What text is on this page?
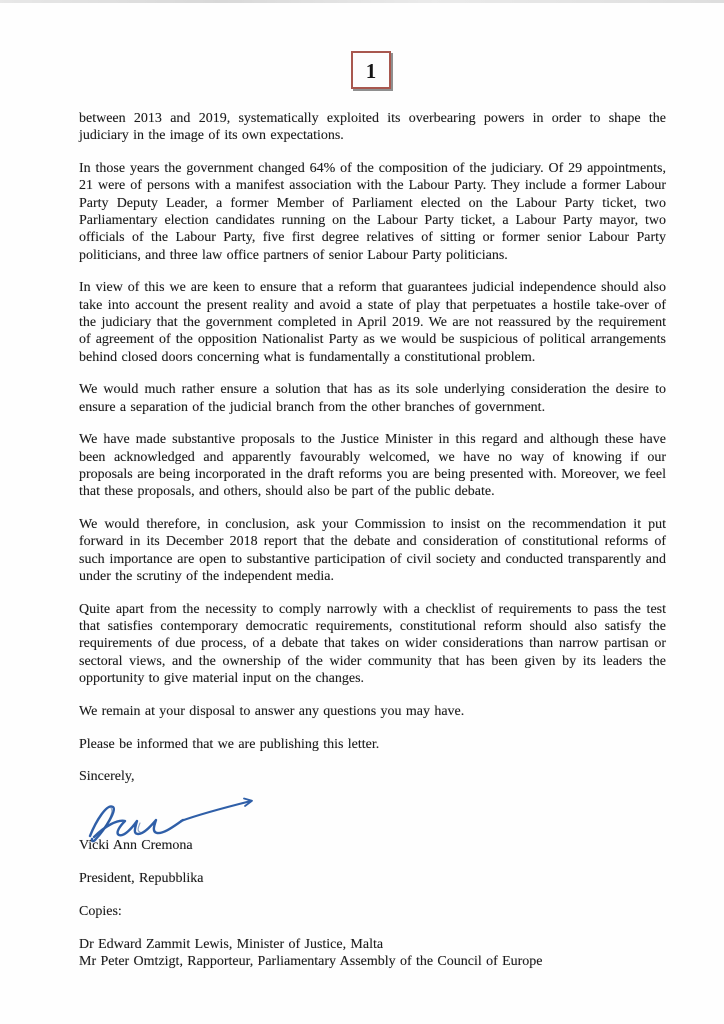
1

between 2013 and 2019, systematically exploited its overbearing powers in order to shape the judiciary in the image of its own expectations.

In those years the government changed 64% of the composition of the judiciary. Of 29 appointments, 21 were of persons with a manifest association with the Labour Party. They include a former Labour Party Deputy Leader, a former Member of Parliament elected on the Labour Party ticket, two Parliamentary election candidates running on the Labour Party ticket, a Labour Party mayor, two officials of the Labour Party, five first degree relatives of sitting or former senior Labour Party politicians, and three law office partners of senior Labour Party politicians.

In view of this we are keen to ensure that a reform that guarantees judicial independence should also take into account the present reality and avoid a state of play that perpetuates a hostile take-over of the judiciary that the government completed in April 2019. We are not reassured by the requirement of agreement of the opposition Nationalist Party as we would be suspicious of political arrangements behind closed doors concerning what is fundamentally a constitutional problem.

We would much rather ensure a solution that has as its sole underlying consideration the desire to ensure a separation of the judicial branch from the other branches of government.

We have made substantive proposals to the Justice Minister in this regard and although these have been acknowledged and apparently favourably welcomed, we have no way of knowing if our proposals are being incorporated in the draft reforms you are being presented with. Moreover, we feel that these proposals, and others, should also be part of the public debate.

We would therefore, in conclusion, ask your Commission to insist on the recommendation it put forward in its December 2018 report that the debate and consideration of constitutional reforms of such importance are open to substantive participation of civil society and conducted transparently and under the scrutiny of the independent media.

Quite apart from the necessity to comply narrowly with a checklist of requirements to pass the test that satisfies contemporary democratic requirements, constitutional reform should also satisfy the requirements of due process, of a debate that takes on wider considerations than narrow partisan or sectoral views, and the ownership of the wider community that has been given by its leaders the opportunity to give material input on the changes.

We remain at your disposal to answer any questions you may have.

Please be informed that we are publishing this letter.

Sincerely,

Vicki Ann Cremona

President, Repubblika

Copies:

Dr Edward Zammit Lewis, Minister of Justice, Malta
Mr Peter Omtzigt, Rapporteur, Parliamentary Assembly of the Council of Europe
